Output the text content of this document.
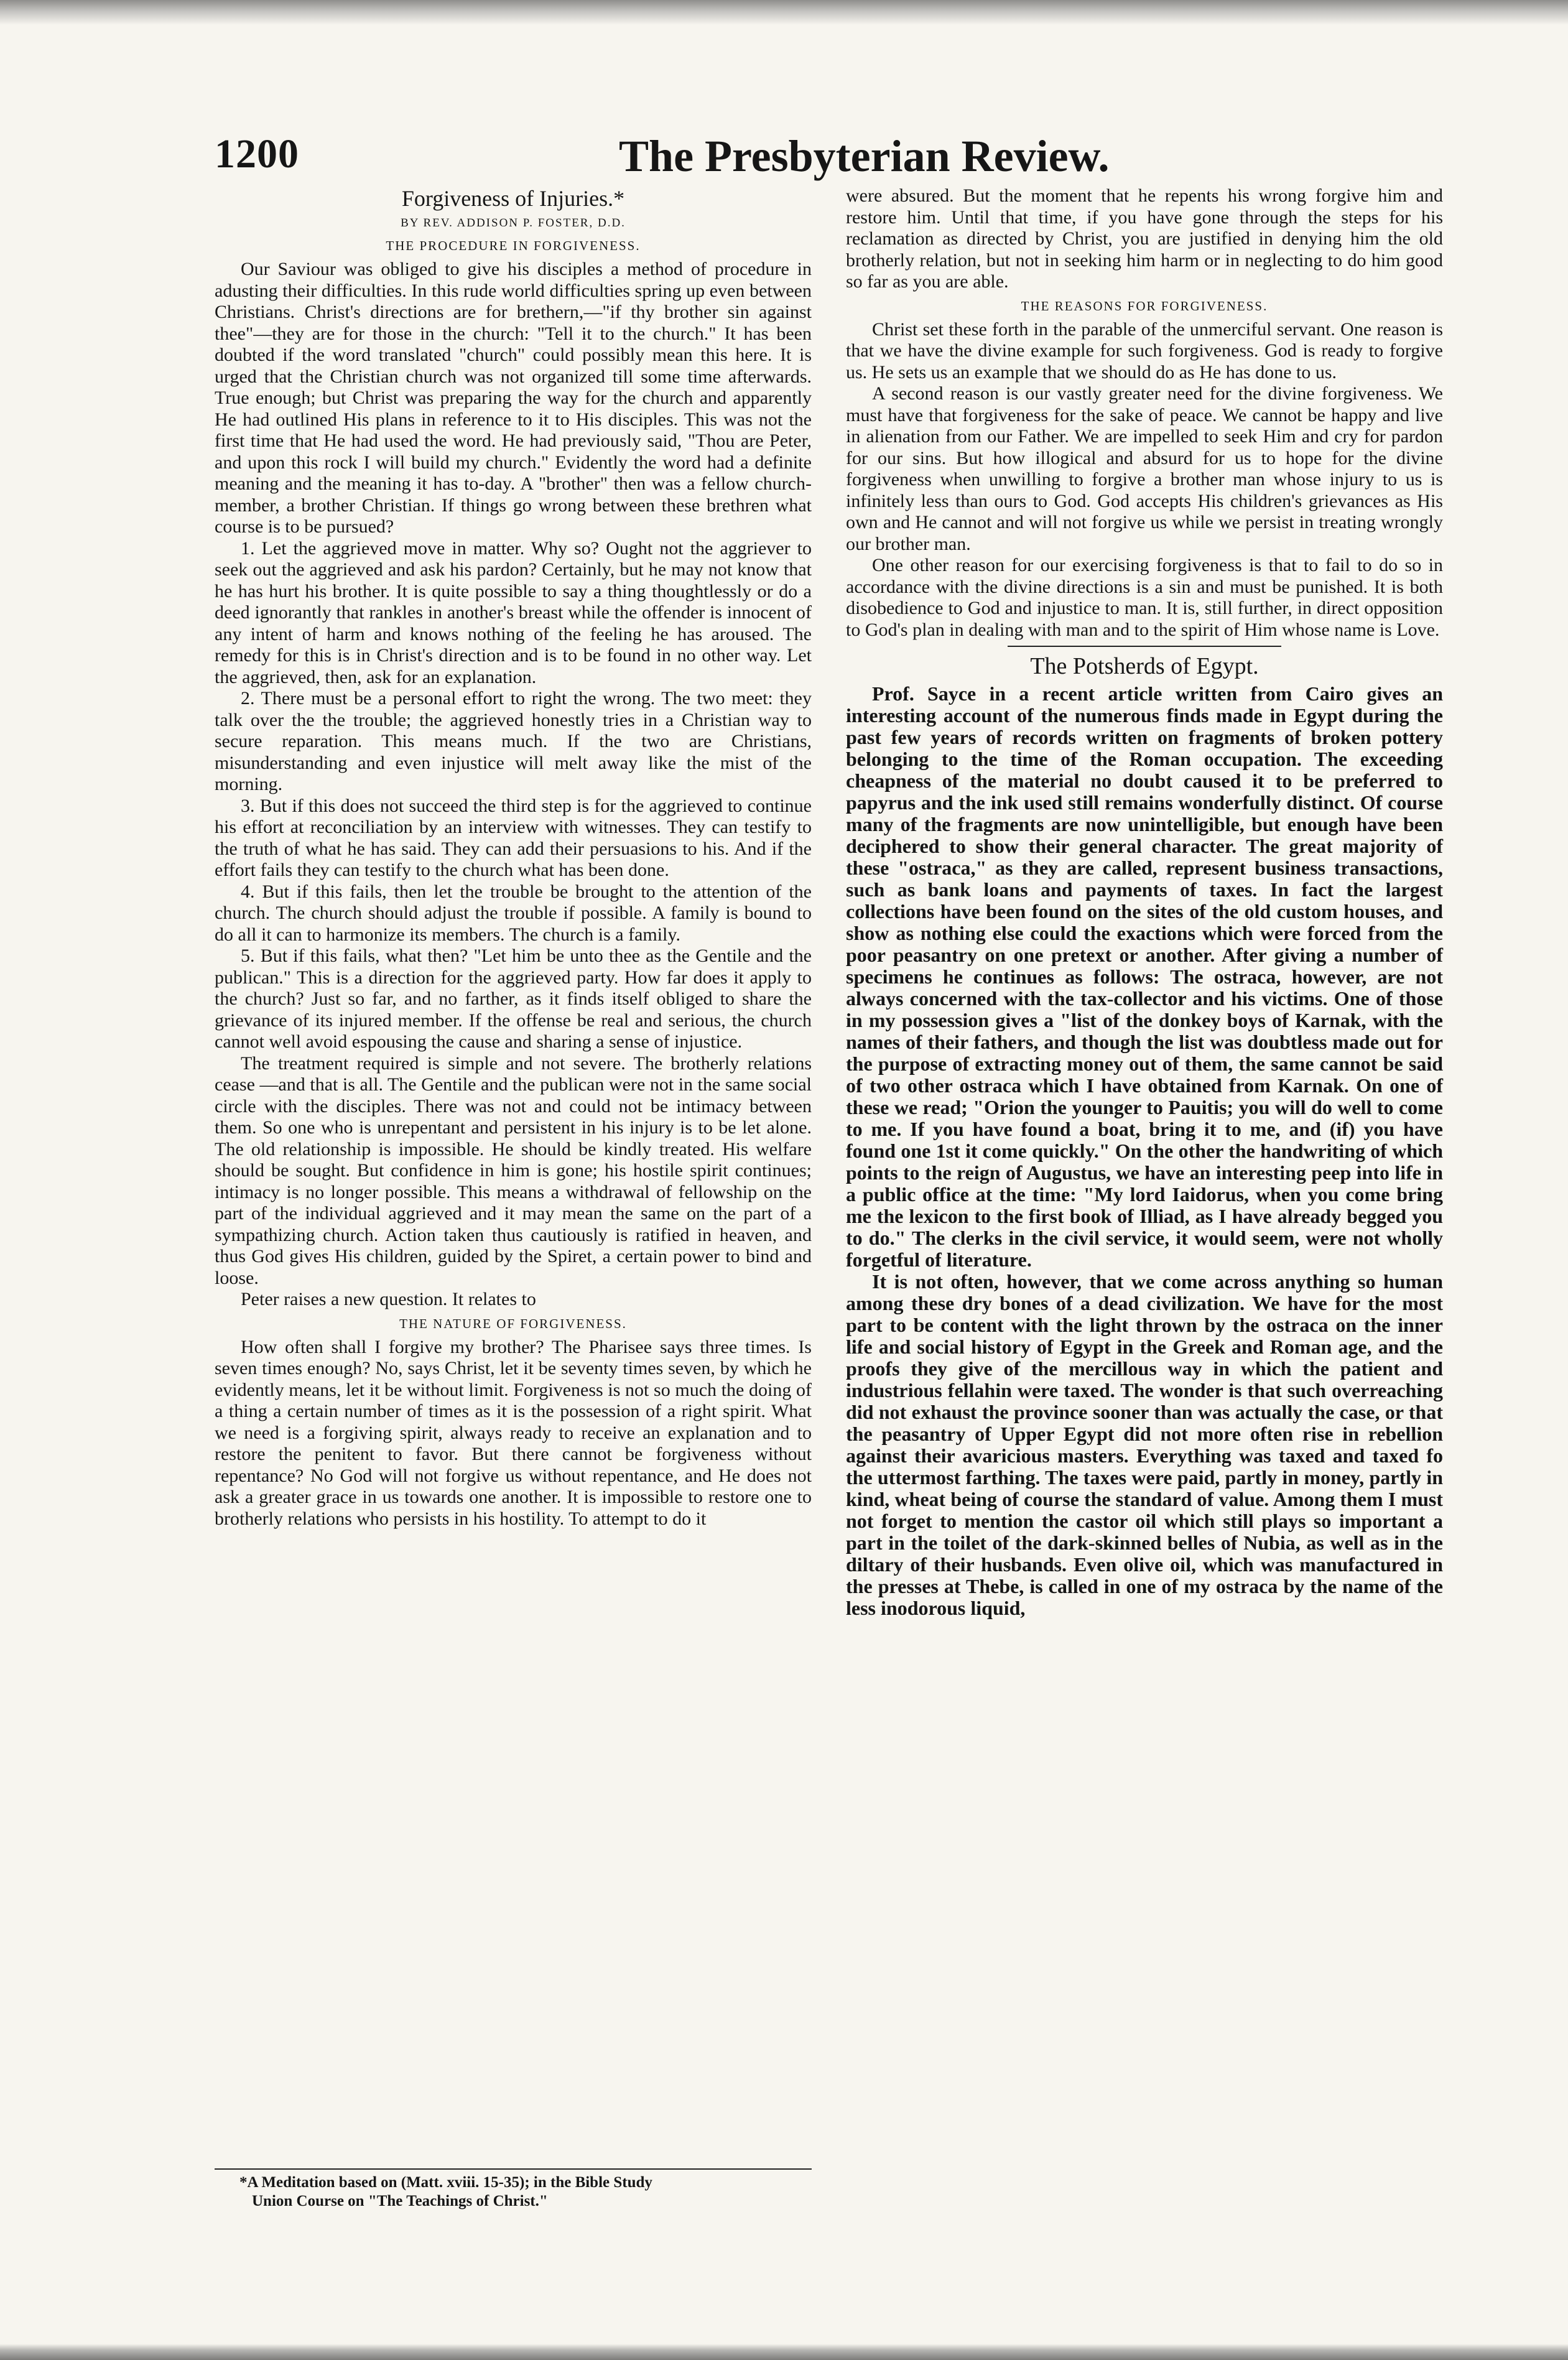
1200	The Presbyterian Review.
Forgiveness of Injuries.*
BY REV. ADDISON P. FOSTER, D.D.
THE PROCEDURE IN FORGIVENESS.

Our Saviour was obliged to give his disciples a method of procedure in adusting their difficulties. In this rude world difficulties spring up even between Christians. Christ's directions are for brethern,—"if thy brother sin against thee"—they are for those in the church: "Tell it to the church." It has been doubted if the word translated "church" could possibly mean this here. It is urged that the Christian church was not organized till some time afterwards. True enough; but Christ was preparing the way for the church and apparently He had outlined His plans in reference to it to His disciples. This was not the first time that He had used the word. He had previously said, "Thou are Peter, and upon this rock I will build my church." Evidently the word had a definite meaning and the meaning it has to-day. A "brother" then was a fellow church-member, a brother Christian. If things go wrong between these brethren what course is to be pursued?

1. Let the aggrieved move in matter. Why so? Ought not the aggriever to seek out the aggrieved and ask his pardon? Certainly, but he may not know that he has hurt his brother. It is quite possible to say a thing thoughtlessly or do a deed ignorantly that rankles in another's breast while the offender is innocent of any intent of harm and knows nothing of the feeling he has aroused. The remedy for this is in Christ's direction and is to be found in no other way. Let the aggrieved, then, ask for an explanation.

2. There must be a personal effort to right the wrong. The two meet: they talk over the the trouble; the aggrieved honestly tries in a Christian way to secure reparation. This means much. If the two are Christians, misunderstanding and even injustice will melt away like the mist of the morning.

3. But if this does not succeed the third step is for the aggrieved to continue his effort at reconciliation by an interview with witnesses. They can testify to the truth of what he has said. They can add their persuasions to his. And if the effort fails they can testify to the church what has been done.

4. But if this fails, then let the trouble be brought to the attention of the church. The church should adjust the trouble if possible. A family is bound to do all it can to harmonize its members. The church is a family.

5. But if this fails, what then? "Let him be unto thee as the Gentile and the publican." This is a direction for the aggrieved party. How far does it apply to the church? Just so far, and no farther, as it finds itself obliged to share the grievance of its injured member. If the offense be real and serious, the church cannot well avoid espousing the cause and sharing a sense of injustice.

The treatment required is simple and not severe. The brotherly relations cease —and that is all. The Gentile and the publican were not in the same social circle with the disciples. There was not and could not be intimacy between them. So one who is unrepentant and persistent in his injury is to be let alone. The old relationship is impossible. He should be kindly treated. His welfare should be sought. But confidence in him is gone; his hostile spirit continues; intimacy is no longer possible. This means a withdrawal of fellowship on the part of the individual aggrieved and it may mean the same on the part of a sympathizing church. Action taken thus cautiously is ratified in heaven, and thus God gives His children, guided by the Spiret, a certain power to bind and loose.

Peter raises a new question. It relates to

THE NATURE OF FORGIVENESS.

How often shall I forgive my brother? The Pharisee says three times. Is seven times enough? No, says Christ, let it be seventy times seven, by which he evidently means, let it be without limit. Forgiveness is not so much the doing of a thing a certain number of times as it is the possession of a right spirit. What we need is a forgiving spirit, always ready to receive an explanation and to restore the penitent to favor. But there cannot be forgiveness without repentance? No God will not forgive us without repentance, and He does not ask a greater grace in us towards one another. It is impossible to restore one to brotherly relations who persists in his hostility. To attempt to do it

*A Meditation based on (Matt. xviii. 15-35); in the Bible Study
Union Course on "The Teachings of Christ."

were absured. But the moment that he repents his wrong forgive him and restore him. Until that time, if you have gone through the steps for his reclamation as directed by Christ, you are justified in denying him the old brotherly relation, but not in seeking him harm or in neglecting to do him good so far as you are able.

THE REASONS FOR FORGIVENESS.

Christ set these forth in the parable of the unmerciful servant. One reason is that we have the divine example for such forgiveness. God is ready to forgive us. He sets us an example that we should do as He has done to us.

A second reason is our vastly greater need for the divine forgiveness. We must have that forgiveness for the sake of peace. We cannot be happy and live in alienation from our Father. We are impelled to seek Him and cry for pardon for our sins. But how illogical and absurd for us to hope for the divine forgiveness when unwilling to forgive a brother man whose injury to us is infinitely less than ours to God. God accepts His children's grievances as His own and He cannot and will not forgive us while we persist in treating wrongly our brother man.

One other reason for our exercising forgiveness is that to fail to do so in accordance with the divine directions is a sin and must be punished. It is both disobedience to God and injustice to man. It is, still further, in direct opposition to God's plan in dealing with man and to the spirit of Him whose name is Love.

The Potsherds of Egypt.

Prof. Sayce in a recent article written from Cairo gives an interesting account of the numerous finds made in Egypt during the past few years of records written on fragments of broken pottery belonging to the time of the Roman occupation. The exceeding cheapness of the material no doubt caused it to be preferred to papyrus and the ink used still remains wonderfully distinct. Of course many of the fragments are now unintelligible, but enough have been deciphered to show their general character. The great majority of these "ostraca," as they are called, represent business transactions, such as bank loans and payments of taxes. In fact the largest collections have been found on the sites of the old custom houses, and show as nothing else could the exactions which were forced from the poor peasantry on one pretext or another. After giving a number of specimens he continues as follows: The ostraca, however, are not always concerned with the tax-collector and his victims. One of those in my possession gives a "list of the donkey boys of Karnak, with the names of their fathers, and though the list was doubtless made out for the purpose of extracting money out of them, the same cannot be said of two other ostraca which I have obtained from Karnak. On one of these we read; "Orion the younger to Pauitis; you will do well to come to me. If you have found a boat, bring it to me, and (if) you have found one 1st it come quickly." On the other the handwriting of which points to the reign of Augustus, we have an interesting peep into life in a public office at the time: "My lord Iaidorus, when you come bring me the lexicon to the first book of Illiad, as I have already begged you to do." The clerks in the civil service, it would seem, were not wholly forgetful of literature.

It is not often, however, that we come across anything so human among these dry bones of a dead civilization. We have for the most part to be content with the light thrown by the ostraca on the inner life and social history of Egypt in the Greek and Roman age, and the proofs they give of the mercillous way in which the patient and industrious fellahin were taxed. The wonder is that such overreaching did not exhaust the province sooner than was actually the case, or that the peasantry of Upper Egypt did not more often rise in rebellion against their avaricious masters. Everything was taxed and taxed fo the uttermost farthing. The taxes were paid, partly in money, partly in kind, wheat being of course the standard of value. Among them I must not forget to mention the castor oil which still plays so important a part in the toilet of the dark-skinned belles of Nubia, as well as in the diltary of their husbands. Even olive oil, which was manufactured in the presses at Thebe, is called in one of my ostraca by the name of the less inodorous liquid,
